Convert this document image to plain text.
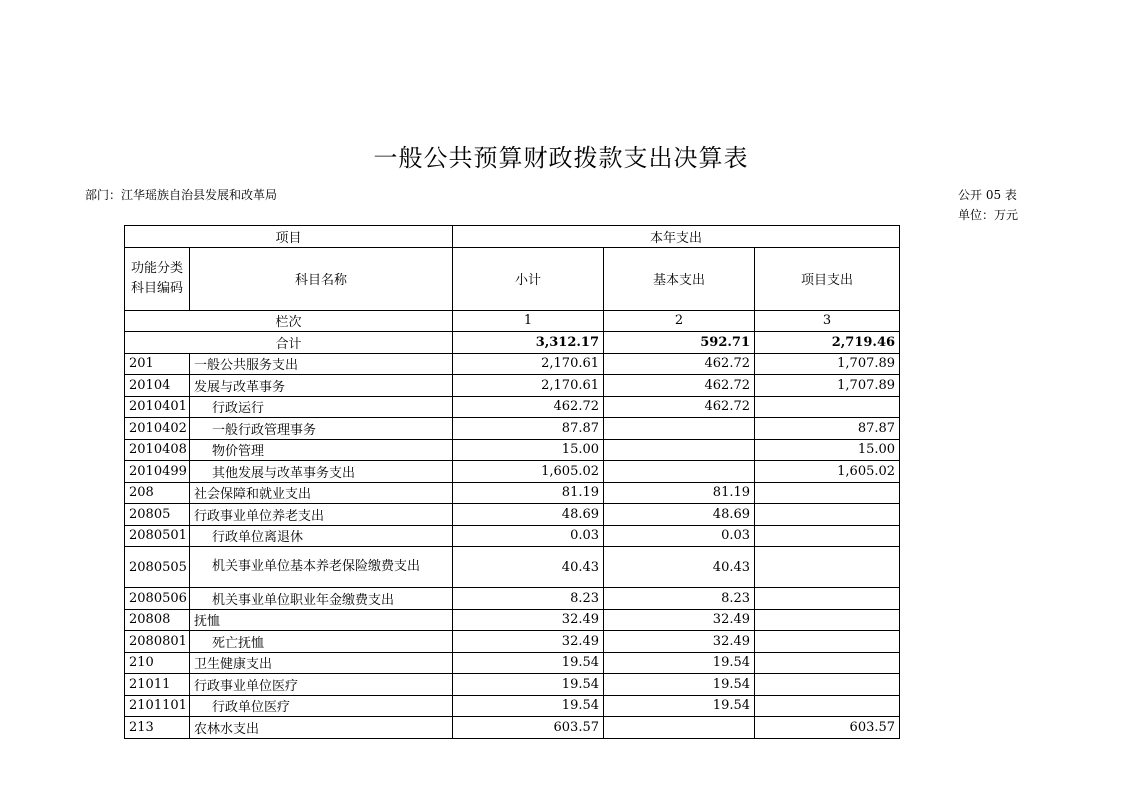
一般公共预算财政拨款支出决算表
部门：江华瑶族自治县发展和改革局	公开 05 表
单位：万元
项目		本年支出		
功能分类科目编码	科目名称	小计	基本支出	项目支出
栏次		1	2	3
合计		3,312.17	592.71	2,719.46
201	一般公共服务支出	2,170.61	462.72	1,707.89
20104	发展与改革事务	2,170.61	462.72	1,707.89
2010401	行政运行	462.72	462.72	
2010402	一般行政管理事务	87.87		87.87
2010408	物价管理	15.00		15.00
2010499	其他发展与改革事务支出	1,605.02		1,605.02
208	社会保障和就业支出	81.19	81.19	
20805	行政事业单位养老支出	48.69	48.69	
2080501	行政单位离退休	0.03	0.03	
2080505	机关事业单位基本养老保险缴费支出	40.43	40.43	
2080506	机关事业单位职业年金缴费支出	8.23	8.23	
20808	抚恤	32.49	32.49	
2080801	死亡抚恤	32.49	32.49	
210	卫生健康支出	19.54	19.54	
21011	行政事业单位医疗	19.54	19.54	
2101101	行政单位医疗	19.54	19.54	
213	农林水支出	603.57		603.57
